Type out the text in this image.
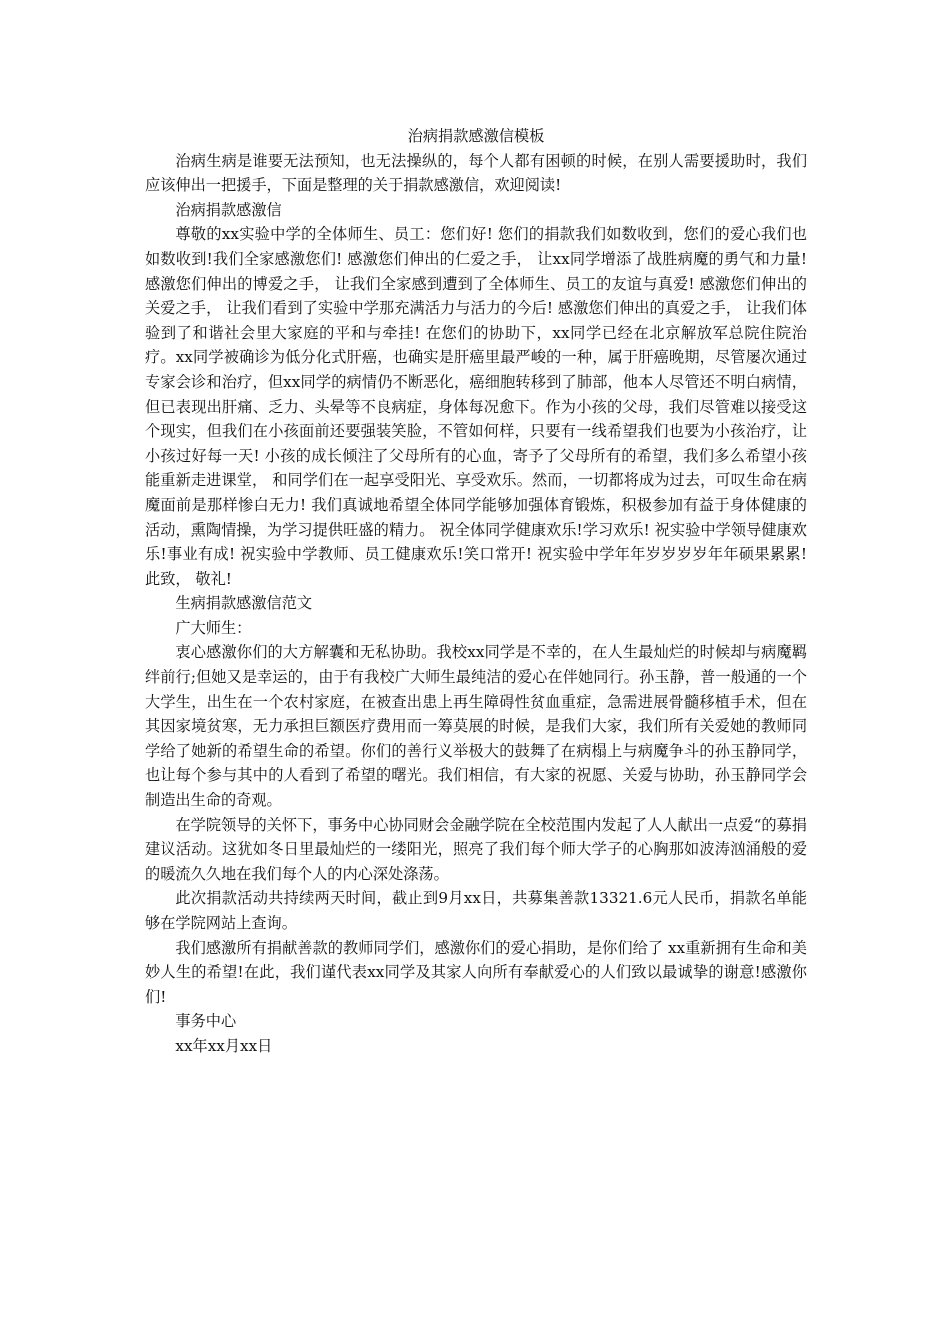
治病捐款感激信模板

治病生病是谁要无法预知，也无法操纵的，每个人都有困顿的时候，在别人需要援助时，我们应该伸出一把援手，下面是整理的关于捐款感激信，欢迎阅读!

治病捐款感激信

尊敬的xx实验中学的全体师生、员工：您们好! 您们的捐款我们如数收到，您们的爱心我们也如数收到!我们全家感激您们! 感激您们伸出的仁爱之手， 让xx同学增添了战胜病魔的勇气和力量! 感激您们伸出的博爱之手， 让我们全家感到遭到了全体师生、员工的友谊与真爱! 感激您们伸出的关爱之手， 让我们看到了实验中学那充满活力与活力的今后! 感激您们伸出的真爱之手， 让我们体验到了和谐社会里大家庭的平和与牵挂! 在您们的协助下，xx同学已经在北京解放军总院住院治疗。xx同学被确诊为低分化式肝癌，也确实是肝癌里最严峻的一种，属于肝癌晚期，尽管屡次通过专家会诊和治疗，但xx同学的病情仍不断恶化，癌细胞转移到了肺部，他本人尽管还不明白病情，但已表现出肝痛、乏力、头晕等不良病症，身体每况愈下。作为小孩的父母，我们尽管难以接受这个现实，但我们在小孩面前还要强装笑脸，不管如何样，只要有一线希望我们也要为小孩治疗，让小孩过好每一天! 小孩的成长倾注了父母所有的心血，寄予了父母所有的希望，我们多么希望小孩能重新走进课堂， 和同学们在一起享受阳光、享受欢乐。然而，一切都将成为过去，可叹生命在病魔面前是那样惨白无力! 我们真诚地希望全体同学能够加强体育锻炼，积极参加有益于身体健康的活动，熏陶情操，为学习提供旺盛的精力。 祝全体同学健康欢乐!学习欢乐! 祝实验中学领导健康欢乐!事业有成! 祝实验中学教师、员工健康欢乐!笑口常开! 祝实验中学年年岁岁岁岁年年硕果累累! 此致， 敬礼!

生病捐款感激信范文

广大师生：

衷心感激你们的大方解囊和无私协助。我校xx同学是不幸的，在人生最灿烂的时候却与病魔羁绊前行;但她又是幸运的，由于有我校广大师生最纯洁的爱心在伴她同行。孙玉静，普一般通的一个大学生，出生在一个农村家庭，在被查出患上再生障碍性贫血重症，急需进展骨髓移植手术，但在其因家境贫寒，无力承担巨额医疗费用而一筹莫展的时候，是我们大家，我们所有关爱她的教师同学给了她新的希望生命的希望。你们的善行义举极大的鼓舞了在病榻上与病魔争斗的孙玉静同学，也让每个参与其中的人看到了希望的曙光。我们相信，有大家的祝愿、关爱与协助，孙玉静同学会制造出生命的奇观。

在学院领导的关怀下，事务中心协同财会金融学院在全校范围内发起了人人献出一点爱“的募捐建议活动。这犹如冬日里最灿烂的一缕阳光，照亮了我们每个师大学子的心胸那如波涛汹涌般的爱的暖流久久地在我们每个人的内心深处涤荡。

此次捐款活动共持续两天时间，截止到9月xx日，共募集善款13321.6元人民币，捐款名单能够在学院网站上查询。

我们感激所有捐献善款的教师同学们，感激你们的爱心捐助，是你们给了 xx重新拥有生命和美妙人生的希望!在此，我们谨代表xx同学及其家人向所有奉献爱心的人们致以最诚挚的谢意!感激你们!

事务中心

xx年xx月xx日
